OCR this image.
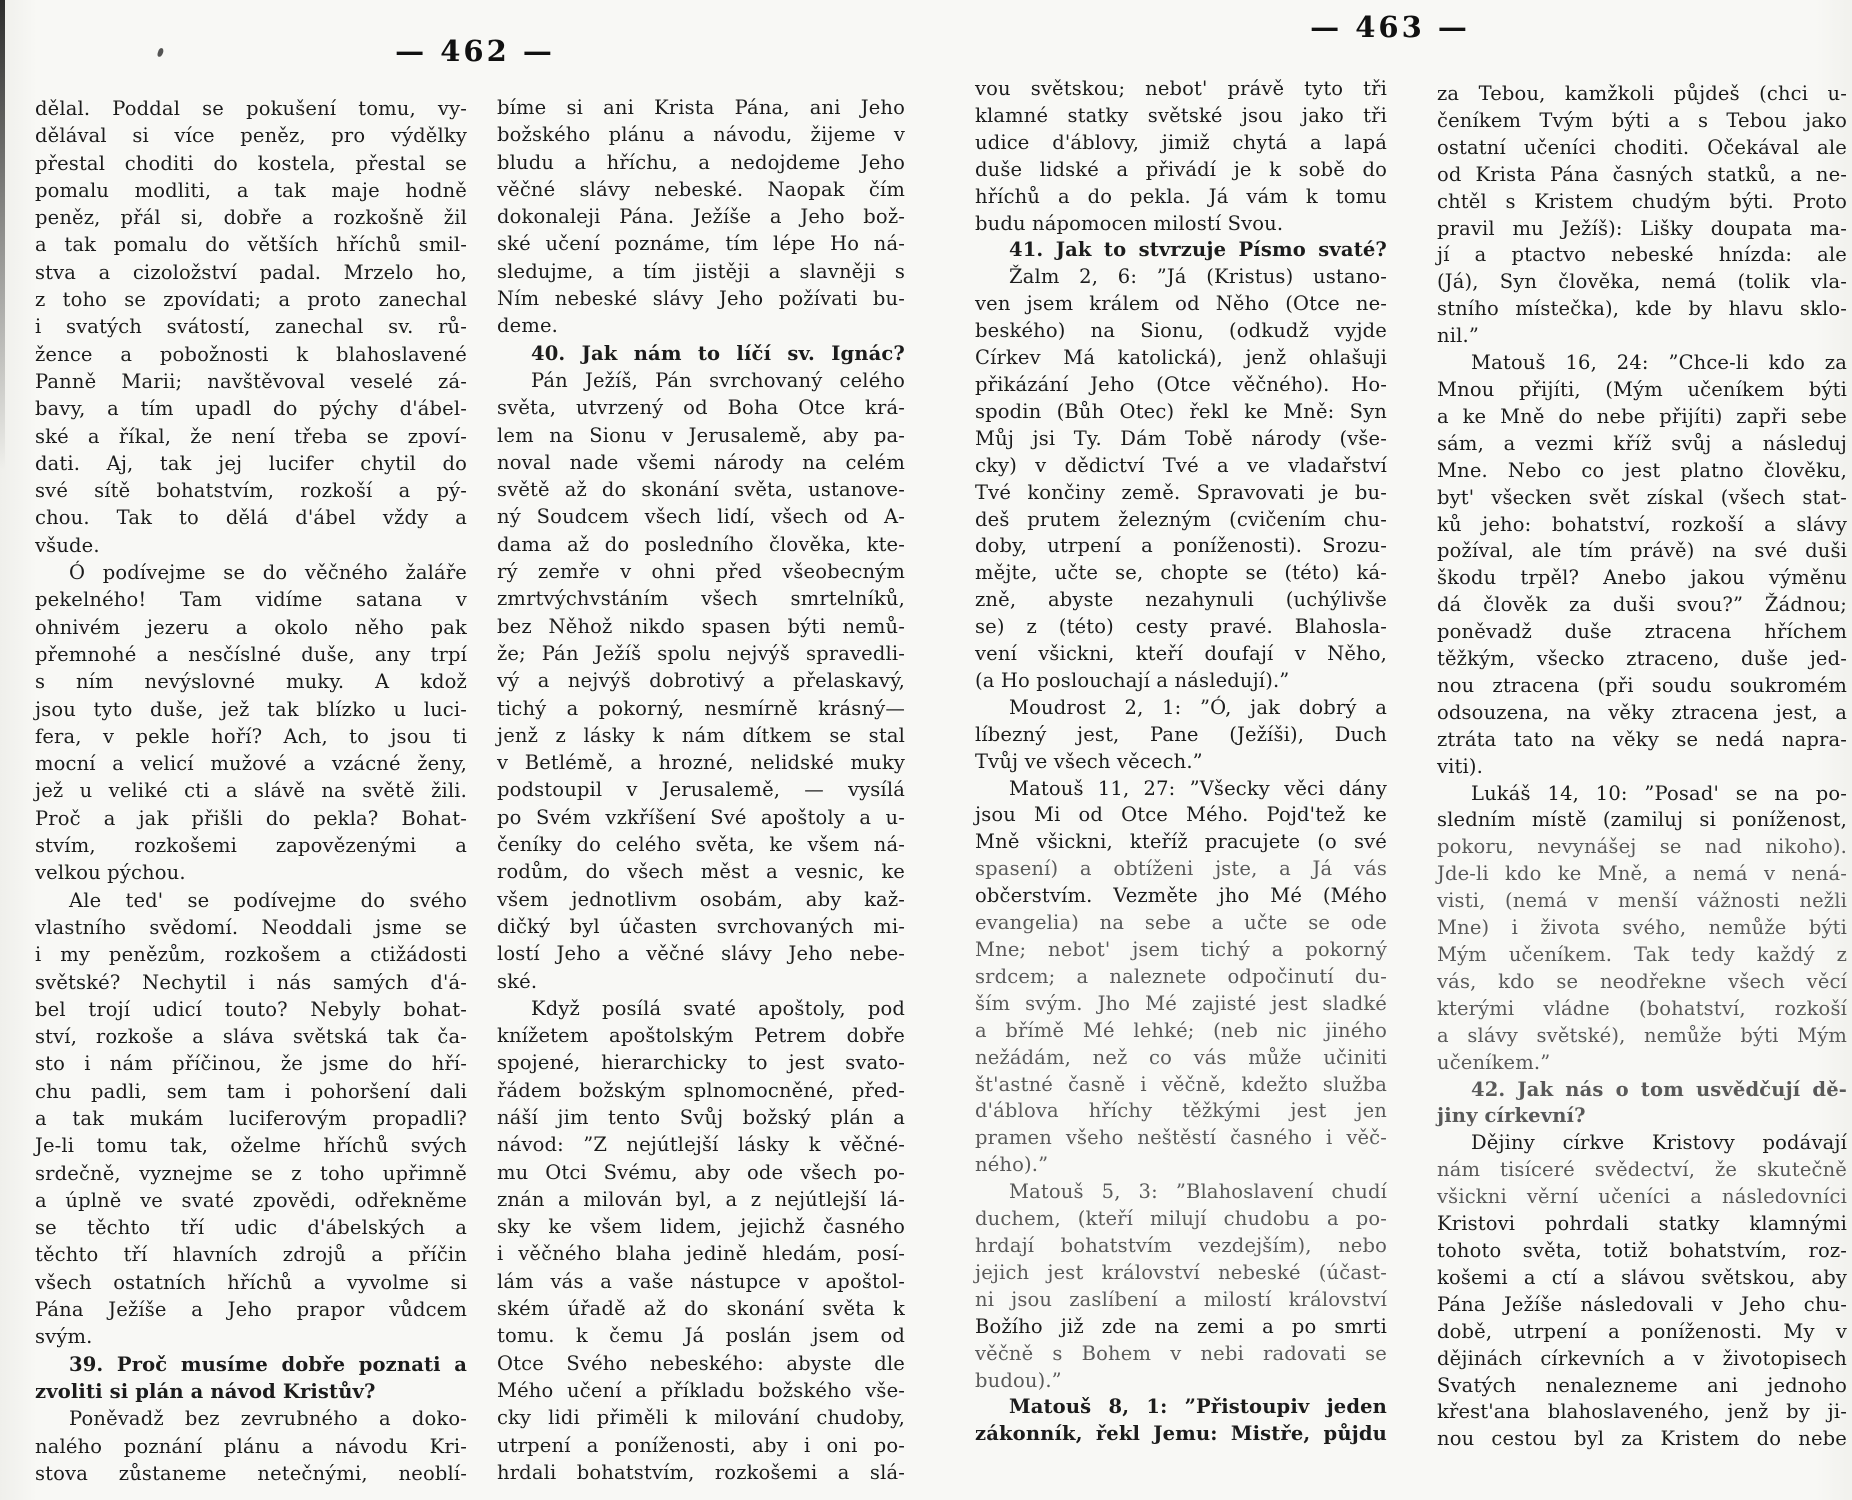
— 462 —
dělal. Poddal se pokušení tomu, vy-
dělával si více peněz, pro výdělky
přestal choditi do kostela, přestal se
pomalu modliti, a tak maje hodně
peněz, přál si, dobře a rozkošně žil
a tak pomalu do větších hříchů smil-
stva a cizoložství padal. Mrzelo ho,
z toho se zpovídati; a proto zanechal
i svatých svátostí, zanechal sv. rů-
žence a pobožnosti k blahoslavené
Panně Marii; navštěvoval veselé zá-
bavy, a tím upadl do pýchy d'ábel-
ské a říkal, že není třeba se zpoví-
dati. Aj, tak jej lucifer chytil do
své sítě bohatstvím, rozkoší a pý-
chou. Tak to dělá d'ábel vždy a
všude.
Ó podívejme se do věčného žaláře
pekelného! Tam vidíme satana v
ohnivém jezeru a okolo něho pak
přemnohé a nesčíslné duše, any trpí
s ním nevýslovné muky. A kdož
jsou tyto duše, jež tak blízko u luci-
fera, v pekle hoří? Ach, to jsou ti
mocní a velicí mužové a vzácné ženy,
jež u veliké cti a slávě na světě žili.
Proč a jak přišli do pekla? Bohat-
stvím, rozkošemi zapovězenými a
velkou pýchou.
Ale ted' se podívejme do svého
vlastního svědomí. Neoddali jsme se
i my penězům, rozkošem a ctižádosti
světské? Nechytil i nás samých d'á-
bel trojí udicí touto? Nebyly bohat-
ství, rozkoše a sláva světská tak ča-
sto i nám příčinou, že jsme do hří-
chu padli, sem tam i pohoršení dali
a tak mukám luciferovým propadli?
Je-li tomu tak, oželme hříchů svých
srdečně, vyznejme se z toho upřimně
a úplně ve svaté zpovědi, odřekněme
se těchto tří udic d'ábelských a
těchto tří hlavních zdrojů a příčin
všech ostatních hříchů a vyvolme si
Pána Ježíše a Jeho prapor vůdcem
svým.
39. Proč musíme dobře poznati a
zvoliti si plán a návod Kristův?
Poněvadž bez zevrubného a doko-
nalého poznání plánu a návodu Kri-
stova zůstaneme netečnými, neoblí-
bíme si ani Krista Pána, ani Jeho
božského plánu a návodu, žijeme v
bludu a hříchu, a nedojdeme Jeho
věčné slávy nebeské. Naopak čím
dokonaleji Pána. Ježíše a Jeho bož-
ské učení poznáme, tím lépe Ho ná-
sledujme, a tím jistěji a slavněji s
Ním nebeské slávy Jeho požívati bu-
deme.
40. Jak nám to líčí sv. Ignác?
Pán Ježíš, Pán svrchovaný celého
světa, utvrzený od Boha Otce krá-
lem na Sionu v Jerusalemě, aby pa-
noval nade všemi národy na celém
světě až do skonání světa, ustanove-
ný Soudcem všech lidí, všech od A-
dama až do posledního člověka, kte-
rý zemře v ohni před všeobecným
zmrtvýchvstáním všech smrtelníků,
bez Něhož nikdo spasen býti nemů-
že; Pán Ježíš spolu nejvýš spravedli-
vý a nejvýš dobrotivý a přelaskavý,
tichý a pokorný, nesmírně krásný—
jenž z lásky k nám dítkem se stal
v Betlémě, a hrozné, nelidské muky
podstoupil v Jerusalemě, — vysílá
po Svém vzkříšení Své apoštoly a u-
čeníky do celého světa, ke všem ná-
rodům, do všech měst a vesnic, ke
všem jednotlivm osobám, aby kaž-
dičký byl účasten svrchovaných mi-
lostí Jeho a věčné slávy Jeho nebe-
ské.
Když posílá svaté apoštoly, pod
knížetem apoštolským Petrem dobře
spojené, hierarchicky to jest svato-
řádem božským splnomocněné, před-
náší jim tento Svůj božský plán a
návod: ”Z nejútlejší lásky k věčné-
mu Otci Svému, aby ode všech po-
znán a milován byl, a z nejútlejší lá-
sky ke všem lidem, jejichž časného
i věčného blaha jedině hledám, posí-
lám vás a vaše nástupce v apoštol-
ském úřadě až do skonání světa k
tomu. k čemu Já poslán jsem od
Otce Svého nebeského: abyste dle
Mého učení a příkladu božského vše-
cky lidi přiměli k milování chudoby,
utrpení a poníženosti, aby i oni po-
hrdali bohatstvím, rozkošemi a slá-
— 463 —
vou světskou; nebot' právě tyto tři
klamné statky světské jsou jako tři
udice d'áblovy, jimiž chytá a lapá
duše lidské a přivádí je k sobě do
hříchů a do pekla. Já vám k tomu
budu nápomocen milostí Svou.
41. Jak to stvrzuje Písmo svaté?
Žalm 2, 6: ”Já (Kristus) ustano-
ven jsem králem od Něho (Otce ne-
beského) na Sionu, (odkudž vyjde
Církev Má katolická), jenž ohlašuji
přikázání Jeho (Otce věčného). Ho-
spodin (Bůh Otec) řekl ke Mně: Syn
Můj jsi Ty. Dám Tobě národy (vše-
cky) v dědictví Tvé a ve vladařství
Tvé končiny země. Spravovati je bu-
deš prutem železným (cvičením chu-
doby, utrpení a poníženosti). Srozu-
mějte, učte se, chopte se (této) ká-
zně, abyste nezahynuli (uchýlivše
se) z (této) cesty pravé. Blahosla-
vení všickni, kteří doufají v Něho,
(a Ho poslouchají a následují).”
Moudrost 2, 1: ”Ó, jak dobrý a
líbezný jest, Pane (Ježíši), Duch
Tvůj ve všech věcech.”
Matouš 11, 27: ”Všecky věci dány
jsou Mi od Otce Mého. Pojd'tež ke
Mně všickni, kteříž pracujete (o své
spasení) a obtíženi jste, a Já vás
občerstvím. Vezměte jho Mé (Mého
evangelia) na sebe a učte se ode
Mne; nebot' jsem tichý a pokorný
srdcem; a naleznete odpočinutí du-
ším svým. Jho Mé zajisté jest sladké
a břímě Mé lehké; (neb nic jiného
nežádám, než co vás může učiniti
št'astné časně i věčně, kdežto služba
d'áblova hříchy těžkými jest jen
pramen všeho neštěstí časného i věč-
ného).”
Matouš 5, 3: ”Blahoslavení chudí
duchem, (kteří milují chudobu a po-
hrdají bohatstvím vezdejším), nebo
jejich jest království nebeské (účast-
ni jsou zaslíbení a milostí království
Božího již zde na zemi a po smrti
věčně s Bohem v nebi radovati se
budou).”
Matouš 8, 1: ”Přistoupiv jeden
zákonník, řekl Jemu: Mistře, půjdu
za Tebou, kamžkoli půjdeš (chci u-
čeníkem Tvým býti a s Tebou jako
ostatní učeníci choditi. Očekával ale
od Krista Pána časných statků, a ne-
chtěl s Kristem chudým býti. Proto
pravil mu Ježíš): Lišky doupata ma-
jí a ptactvo nebeské hnízda: ale
(Já), Syn člověka, nemá (tolik vla-
stního místečka), kde by hlavu sklo-
nil.”
Matouš 16, 24: ”Chce-li kdo za
Mnou přijíti, (Mým učeníkem býti
a ke Mně do nebe přijíti) zapři sebe
sám, a vezmi kříž svůj a následuj
Mne. Nebo co jest platno člověku,
byt' všecken svět získal (všech stat-
ků jeho: bohatství, rozkoší a slávy
požíval, ale tím právě) na své duši
škodu trpěl? Anebo jakou výměnu
dá člověk za duši svou?” Žádnou;
poněvadž duše ztracena hříchem
těžkým, všecko ztraceno, duše jed-
nou ztracena (při soudu soukromém
odsouzena, na věky ztracena jest, a
ztráta tato na věky se nedá napra-
viti).
Lukáš 14, 10: ”Posad' se na po-
sledním místě (zamiluj si poníženost,
pokoru, nevynášej se nad nikoho).
Jde-li kdo ke Mně, a nemá v nená-
visti, (nemá v menší vážnosti nežli
Mne) i života svého, nemůže býti
Mým učeníkem. Tak tedy každý z
vás, kdo se neodřekne všech věcí
kterými vládne (bohatství, rozkoší
a slávy světské), nemůže býti Mým
učeníkem.”
42. Jak nás o tom usvědčují dě-
jiny církevní?
Dějiny církve Kristovy podávají
nám tisíceré svědectví, že skutečně
všickni věrní učeníci a následovníci
Kristovi pohrdali statky klamnými
tohoto světa, totiž bohatstvím, roz-
košemi a ctí a slávou světskou, aby
Pána Ježíše následovali v Jeho chu-
době, utrpení a poníženosti. My v
dějinách církevních a v životopisech
Svatých nenalezneme ani jednoho
křest'ana blahoslaveného, jenž by ji-
nou cestou byl za Kristem do nebe
